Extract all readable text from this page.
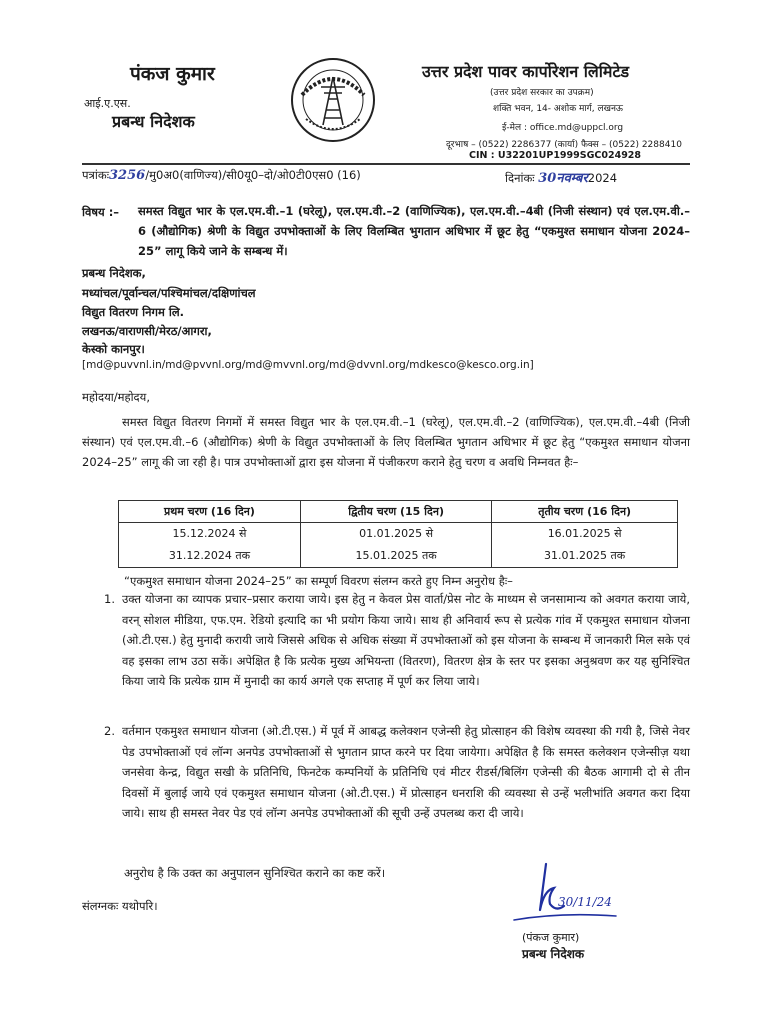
पंकज कुमार
आई.ए.एस.
प्रबन्ध निदेशक
उत्तर प्रदेश पावर कार्पोरेशन लिमिटेड
(उत्तर प्रदेश सरकार का उपक्रम)
शक्ति भवन, 14- अशोक मार्ग, लखनऊ
ई-मेल : office.md@uppcl.org
दूरभाष – (0522) 2286377 (कार्या) फैक्स – (0522) 2288410
CIN : U32201UP1999SGC024928
पत्रांकः3256/मु0अ0(वाणिज्य)/सी0यू0–दो/ओ0टी0एस0 (16)	दिनांकः 30नवम्बर2024
विषय :– समस्त विद्युत भार के एल.एम.वी.–1 (घरेलू), एल.एम.वी.–2 (वाणिज्यिक), एल.एम.वी.–4बी (निजी संस्थान) एवं एल.एम.वी.– 6 (औद्योगिक) श्रेणी के विद्युत उपभोक्ताओं के लिए विलम्बित भुगतान अधिभार में छूट हेतु “एकमुश्त समाधान योजना 2024–25” लागू किये जाने के सम्बन्ध में।
प्रबन्ध निदेशक,
मध्यांचल/पूर्वान्चल/पश्चिमांचल/दक्षिणांचल
विद्युत वितरण निगम लि.
लखनऊ/वाराणसी/मेरठ/आगरा,
केस्को कानपुर।
[md@puvvnl.in/md@pvvnl.org/md@mvvnl.org/md@dvvnl.org/mdkesco@kesco.org.in]
महोदया/महोदय,
समस्त विद्युत वितरण निगमों में समस्त विद्युत भार के एल.एम.वी.–1 (घरेलू), एल.एम.वी.–2 (वाणिज्यिक), एल.एम.वी.–4बी (निजी संस्थान) एवं एल.एम.वी.–6 (औद्योगिक) श्रेणी के विद्युत उपभोक्ताओं के लिए विलम्बित भुगतान अधिभार में छूट हेतु “एकमुश्त समाधान योजना 2024–25” लागू की जा रही है। पात्र उपभोक्ताओं द्वारा इस योजना में पंजीकरण कराने हेतु चरण व अवधि निम्नवत हैः–
प्रथम चरण (16 दिन)	द्वितीय चरण (15 दिन)	तृतीय चरण (16 दिन)
15.12.2024 से	01.01.2025 से	16.01.2025 से
31.12.2024 तक	15.01.2025 तक	31.01.2025 तक
“एकमुश्त समाधान योजना 2024–25” का सम्पूर्ण विवरण संलग्न करते हुए निम्न अनुरोध हैः–
1. उक्त योजना का व्यापक प्रचार–प्रसार कराया जाये। इस हेतु न केवल प्रेस वार्ता/प्रेस नोट के माध्यम से जनसामान्य को अवगत कराया जाये, वरन् सोशल मीडिया, एफ.एम. रेडियो इत्यादि का भी प्रयोग किया जाये। साथ ही अनिवार्य रूप से प्रत्येक गांव में एकमुश्त समाधान योजना (ओ.टी.एस.) हेतु मुनादी करायी जाये जिससे अधिक से अधिक संख्या में उपभोक्ताओं को इस योजना के सम्बन्ध में जानकारी मिल सके एवं वह इसका लाभ उठा सकें। अपेक्षित है कि प्रत्येक मुख्य अभियन्ता (वितरण), वितरण क्षेत्र के स्तर पर इसका अनुश्रवण कर यह सुनिश्चित किया जाये कि प्रत्येक ग्राम में मुनादी का कार्य अगले एक सप्ताह में पूर्ण कर लिया जाये।
2. वर्तमान एकमुश्त समाधान योजना (ओ.टी.एस.) में पूर्व में आबद्ध कलेक्शन एजेन्सी हेतु प्रोत्साहन की विशेष व्यवस्था की गयी है, जिसे नेवर पेड उपभोक्ताओं एवं लॉन्ग अनपेड उपभोक्ताओं से भुगतान प्राप्त करने पर दिया जायेगा। अपेक्षित है कि समस्त कलेक्शन एजेन्सीज़ यथा जनसेवा केन्द्र, विद्युत सखी के प्रतिनिधि, फिनटेक कम्पनियों के प्रतिनिधि एवं मीटर रीडर्स/बिलिंग एजेन्सी की बैठक आगामी दो से तीन दिवसों में बुलाई जाये एवं एकमुश्त समाधान योजना (ओ.टी.एस.) में प्रोत्साहन धनराशि की व्यवस्था से उन्हें भलीभांति अवगत करा दिया जाये। साथ ही समस्त नेवर पेड एवं लॉन्ग अनपेड उपभोक्ताओं की सूची उन्हें उपलब्ध करा दी जाये।
अनुरोध है कि उक्त का अनुपालन सुनिश्चित कराने का कष्ट करें।
संलग्नकः यथोपरि।	30/11/24
(पंकज कुमार)
प्रबन्ध निदेशक
